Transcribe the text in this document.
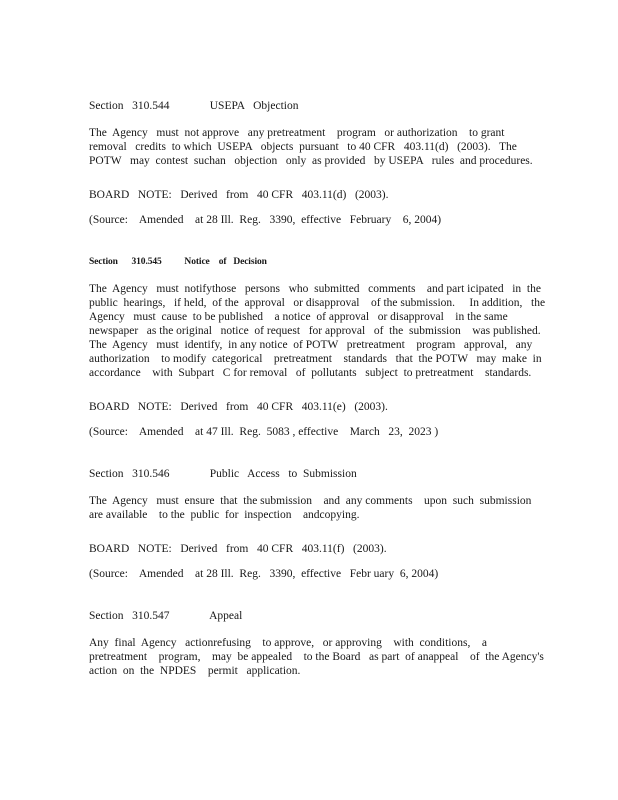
Section   310.544              USEPA   Objection
The  Agency   must  not approve   any pretreatment    program   or authorization    to grant
removal   credits  to which  USEPA   objects  pursuant   to 40 CFR   403.11(d)   (2003).   The
POTW   may  contest  suchan   objection   only  as provided   by USEPA   rules  and procedures.
BOARD   NOTE:   Derived   from   40 CFR   403.11(d)   (2003).
(Source:    Amended    at 28 Ill.  Reg.   3390,  effective   February    6, 2004)
Section      310.545          Notice    of   Decision
The  Agency   must  notifythose   persons   who  submitted   comments    and part icipated   in  the
public  hearings,   if held,  of the  approval   or disapproval    of the submission.     In addition,   the
Agency   must  cause  to be published    a notice  of approval   or disapproval    in the same
newspaper   as the original   notice  of request   for approval   of  the  submission    was published.
The  Agency   must  identify,  in any notice  of POTW   pretreatment    program   approval,   any
authorization    to modify  categorical    pretreatment    standards   that  the POTW   may  make  in
accordance    with  Subpart   C for removal   of  pollutants   subject  to pretreatment    standards.
BOARD   NOTE:   Derived   from   40 CFR   403.11(e)   (2003).
(Source:    Amended    at 47 Ill.  Reg.  5083 , effective    March   23,  2023 )
Section   310.546              Public   Access   to  Submission
The  Agency   must  ensure  that  the submission    and  any comments    upon  such  submission
are available    to the  public  for  inspection    andcopying.
BOARD   NOTE:   Derived   from   40 CFR   403.11(f)   (2003).
(Source:    Amended    at 28 Ill.  Reg.   3390,  effective   Febr uary  6, 2004)
Section   310.547              Appeal
Any  final  Agency   actionrefusing    to approve,   or approving    with  conditions,    a
pretreatment    program,    may  be appealed    to the Board   as part  of anappeal    of  the Agency's
action  on  the  NPDES    permit   application.
